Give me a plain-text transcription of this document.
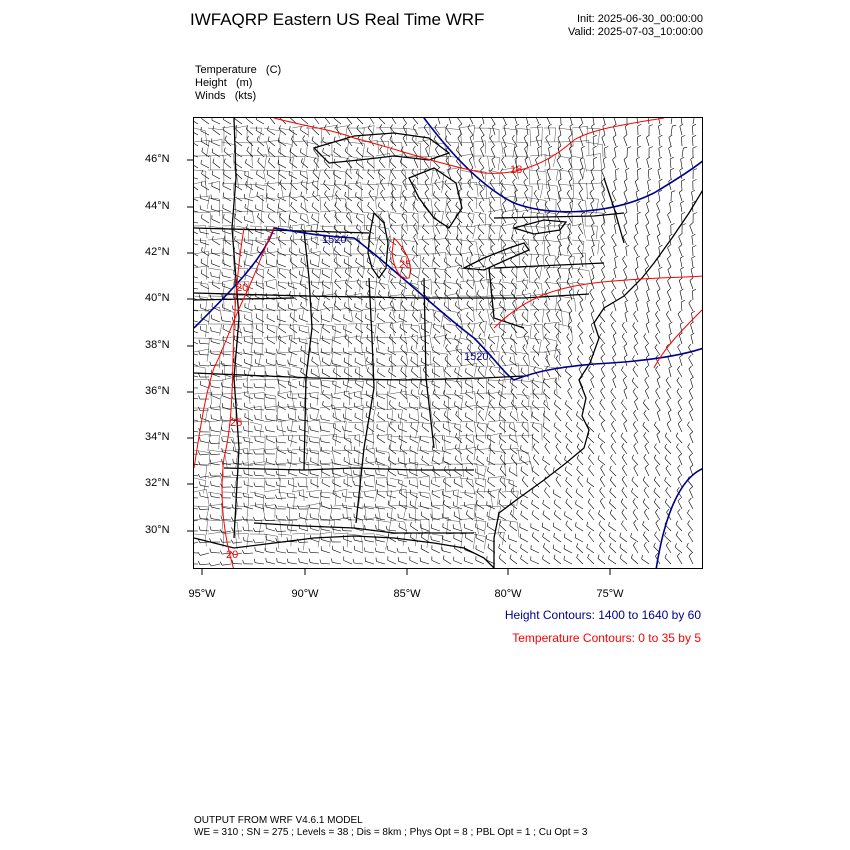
IWFAQRP Eastern US Real Time WRF	Init: 2025-06-30_00:00:00
Valid: 2025-07-03_10:00:00
Temperature   (C)
Height   (m)
Winds   (kts)
1520
1520
18
20
20
25
25
46°N
44°N
42°N
40°N
38°N
36°N
34°N
32°N
30°N
95°W	90°W	85°W	80°W	75°W
Height Contours: 1400 to 1640 by 60
Temperature Contours: 0 to 35 by 5
OUTPUT FROM WRF V4.6.1 MODEL
WE = 310 ; SN = 275 ; Levels = 38 ; Dis = 8km ; Phys Opt = 8 ; PBL Opt = 1 ; Cu Opt = 3
